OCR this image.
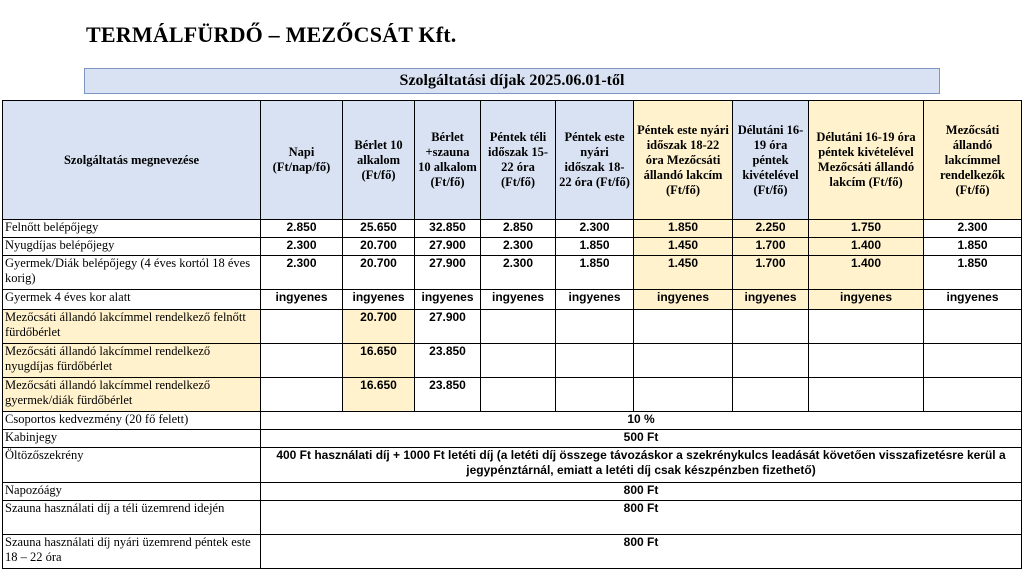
TERMÁLFÜRDŐ – MEZŐCSÁT Kft.
Szolgáltatási díjak 2025.06.01-től
Szolgáltatás megnevezése	Napi (Ft/nap/fő)	Bérlet 10 alkalom (Ft/fő)	Bérlet +szauna 10 alkalom (Ft/fő)	Péntek téli időszak 15-22 óra (Ft/fő)	Péntek este nyári időszak 18-22 óra (Ft/fő)	Péntek este nyári időszak 18-22 óra Mezőcsáti állandó lakcím (Ft/fő)	Délutáni 16-19 óra péntek kivételével (Ft/fő)	Délutáni 16-19 óra péntek kivételével Mezőcsáti állandó lakcím (Ft/fő)	Mezőcsáti állandó lakcímmel rendelkezők (Ft/fő)
Felnőtt belépőjegy	2.850	25.650	32.850	2.850	2.300	1.850	2.250	1.750	2.300
Nyugdíjas belépőjegy	2.300	20.700	27.900	2.300	1.850	1.450	1.700	1.400	1.850
Gyermek/Diák belépőjegy (4 éves kortól 18 éves korig)	2.300	20.700	27.900	2.300	1.850	1.450	1.700	1.400	1.850
Gyermek 4 éves kor alatt	ingyenes	ingyenes	ingyenes	ingyenes	ingyenes	ingyenes	ingyenes	ingyenes	ingyenes
Mezőcsáti állandó lakcímmel rendelkező felnőtt fürdőbérlet		20.700	27.900						
Mezőcsáti állandó lakcímmel rendelkező nyugdíjas fürdőbérlet		16.650	23.850						
Mezőcsáti állandó lakcímmel rendelkező gyermek/diák fürdőbérlet		16.650	23.850						
Csoportos kedvezmény (20 fő felett)	10 %								
Kabinjegy	500 Ft								
Öltözőszekrény	400 Ft használati díj + 1000 Ft letéti díj (a letéti díj összege távozáskor a szekrénykulcs leadását követően visszafizetésre kerül a jegypénztárnál, emiatt a letéti díj csak készpénzben fizethető)								
Napozóágy	800 Ft								
Szauna használati díj a téli üzemrend idején	800 Ft								
Szauna használati díj nyári üzemrend péntek este 18 – 22 óra	800 Ft								
